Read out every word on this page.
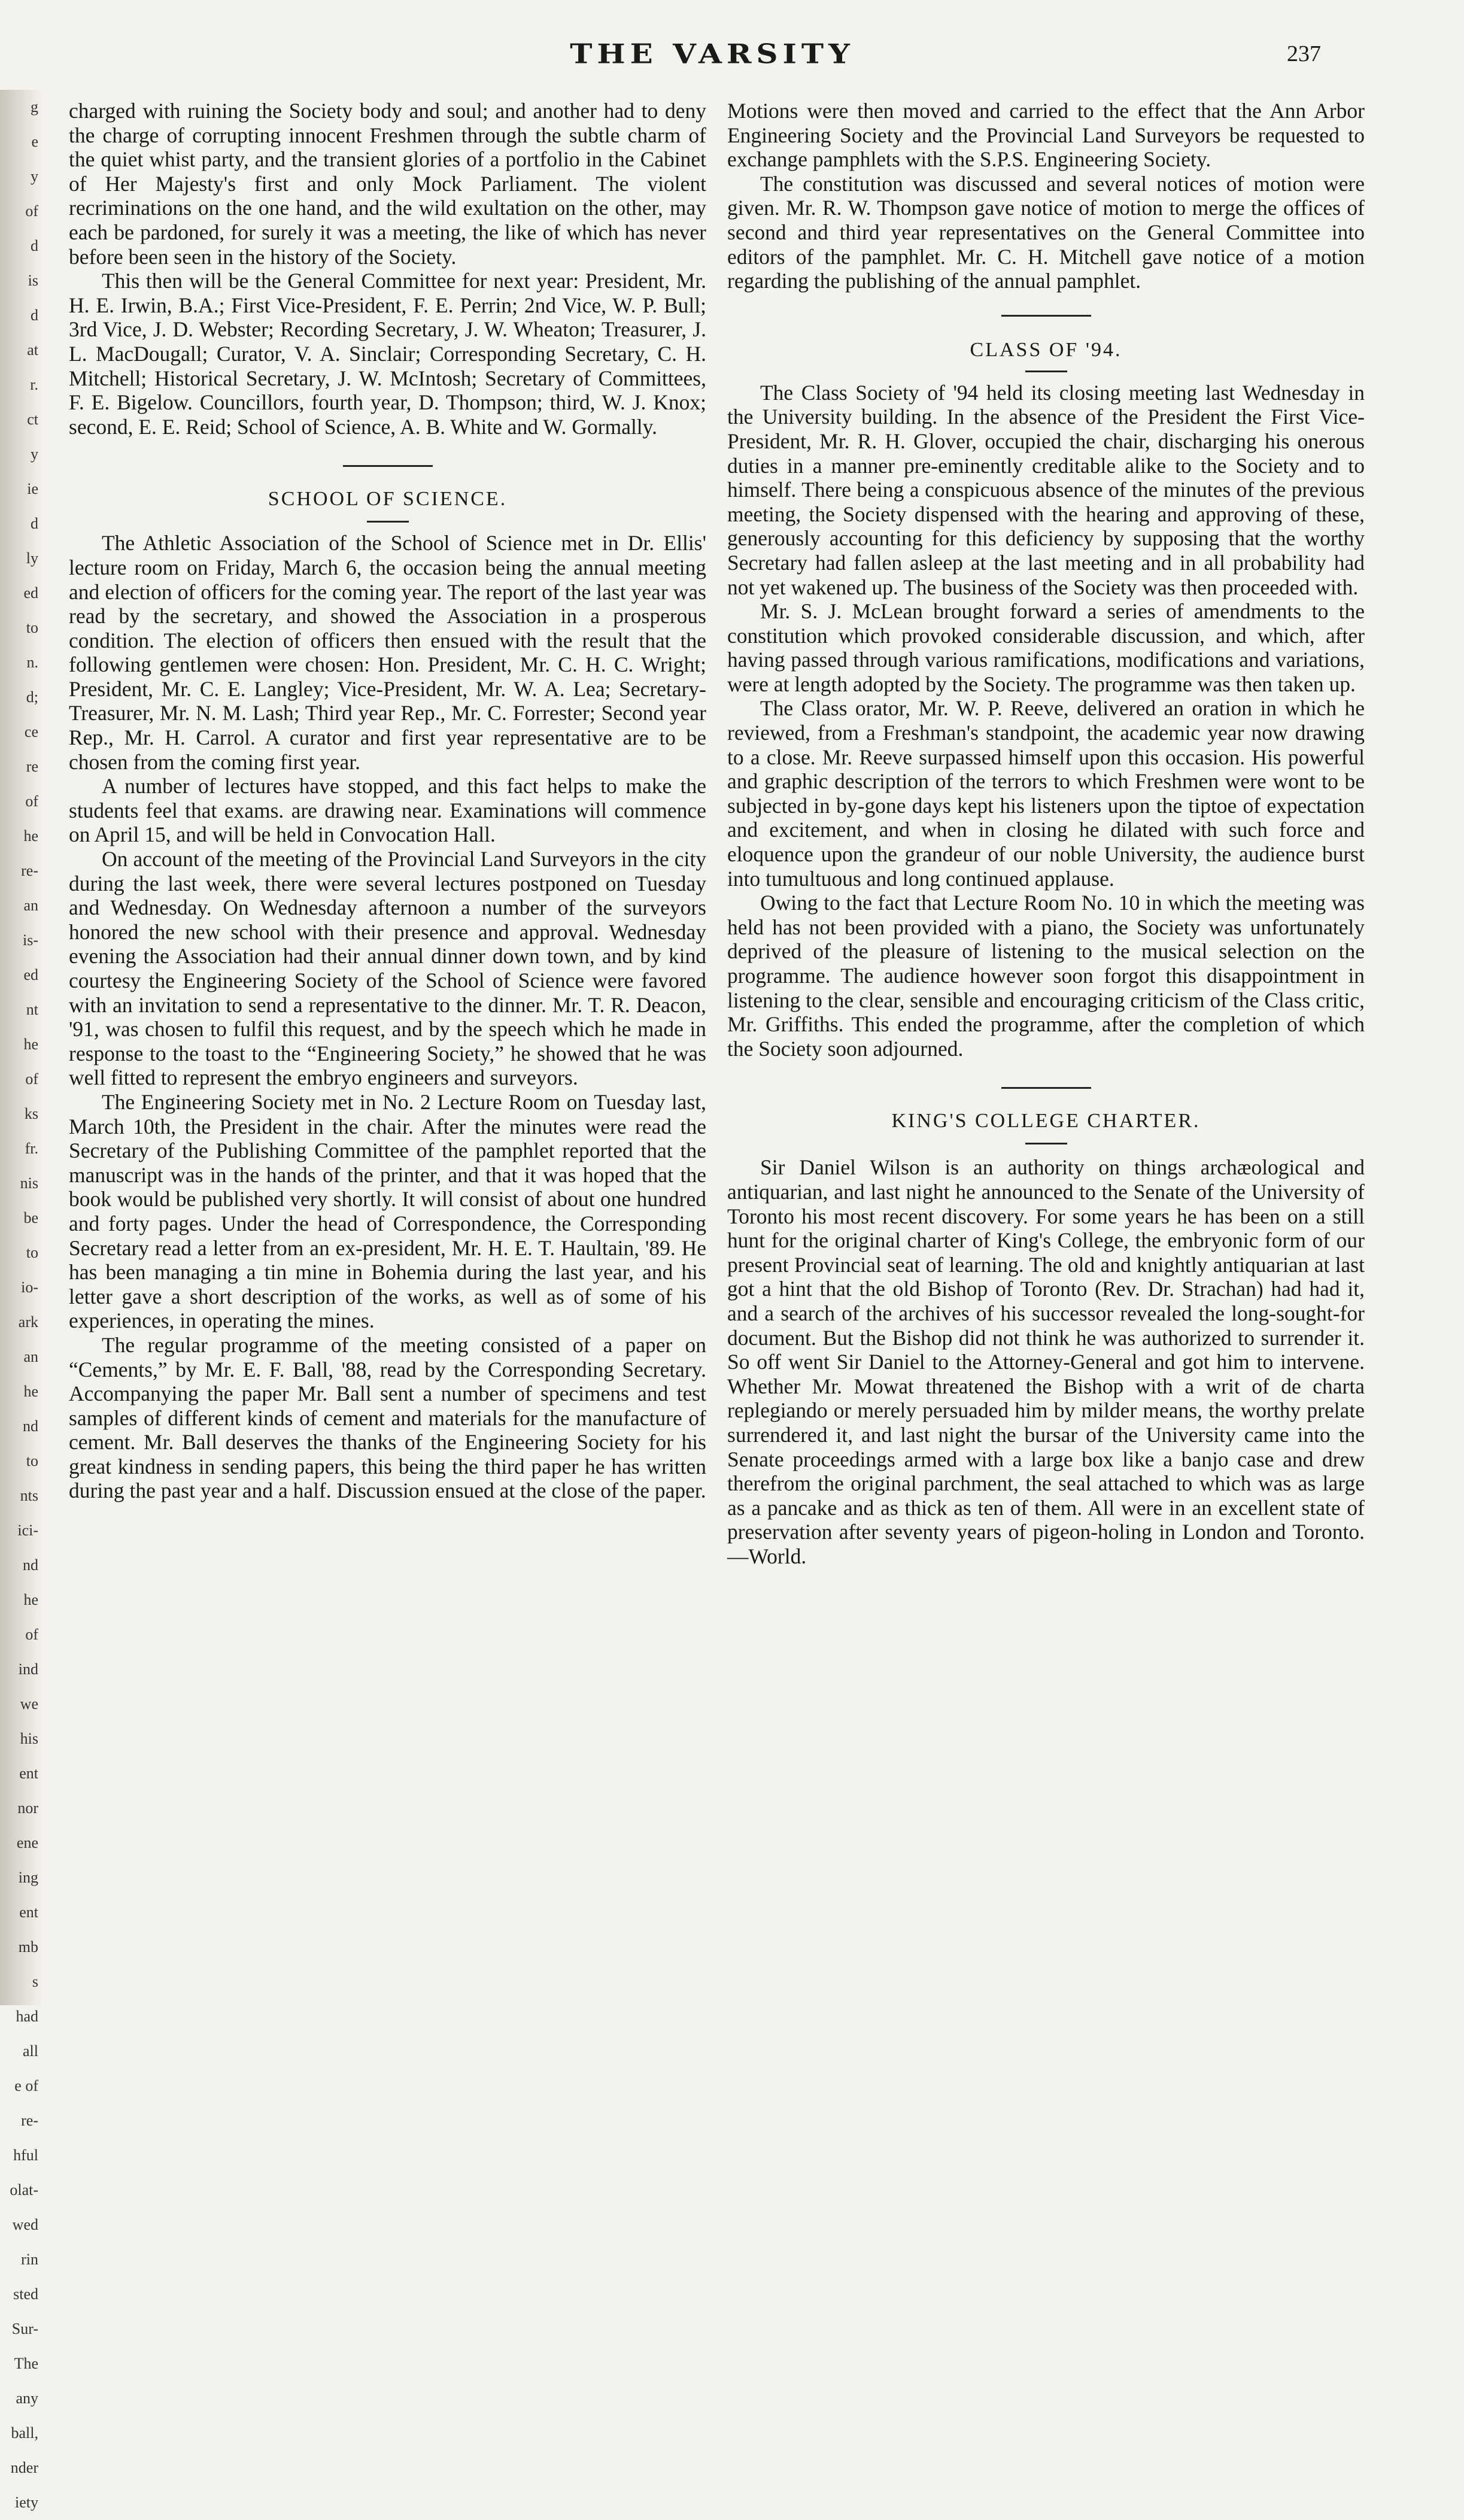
THE VARSITY	237
g
e
y
of
d
is
d
at
r.
ct
y
ie
d
ly
ed
to
n.
d;
ce
re
of
he
re-
an
is-
ed
nt
he
of
ks
fr.
nis
be
to
io-
ark
an
he
nd
to
nts
ici-
nd
he
of
ind
we
his
ent
nor
ene
ing
ent
mb
s
had
all
e of
re-
hful
olat-
wed
rin
sted
Sur-
The
any
ball,
nder
iety

charged with ruining the Society body and soul; and another had to deny the charge of corrupting innocent Freshmen through the subtle charm of the quiet whist party, and the transient glories of a portfolio in the Cabinet of Her Majesty's first and only Mock Parliament. The violent recriminations on the one hand, and the wild exultation on the other, may each be pardoned, for surely it was a meeting, the like of which has never before been seen in the history of the Society.

This then will be the General Committee for next year: President, Mr. H. E. Irwin, B.A.; First Vice-President, F. E. Perrin; 2nd Vice, W. P. Bull; 3rd Vice, J. D. Webster; Recording Secretary, J. W. Wheaton; Treasurer, J. L. MacDougall; Curator, V. A. Sinclair; Corresponding Secretary, C. H. Mitchell; Historical Secretary, J. W. McIntosh; Secretary of Committees, F. E. Bigelow. Councillors, fourth year, D. Thompson; third, W. J. Knox; second, E. E. Reid; School of Science, A. B. White and W. Gormally.

SCHOOL OF SCIENCE.

The Athletic Association of the School of Science met in Dr. Ellis' lecture room on Friday, March 6, the occasion being the annual meeting and election of officers for the coming year. The report of the last year was read by the secretary, and showed the Association in a prosperous condition. The election of officers then ensued with the result that the following gentlemen were chosen: Hon. President, Mr. C. H. C. Wright; President, Mr. C. E. Langley; Vice-President, Mr. W. A. Lea; Secretary-Treasurer, Mr. N. M. Lash; Third year Rep., Mr. C. Forrester; Second year Rep., Mr. H. Carrol. A curator and first year representative are to be chosen from the coming first year.

A number of lectures have stopped, and this fact helps to make the students feel that exams. are drawing near. Examinations will commence on April 15, and will be held in Convocation Hall.

On account of the meeting of the Provincial Land Surveyors in the city during the last week, there were several lectures postponed on Tuesday and Wednesday. On Wednesday afternoon a number of the surveyors honored the new school with their presence and approval. Wednesday evening the Association had their annual dinner down town, and by kind courtesy the Engineering Society of the School of Science were favored with an invitation to send a representative to the dinner. Mr. T. R. Deacon, '91, was chosen to fulfil this request, and by the speech which he made in response to the toast to the “Engineering Society,” he showed that he was well fitted to represent the embryo engineers and surveyors.

The Engineering Society met in No. 2 Lecture Room on Tuesday last, March 10th, the President in the chair. After the minutes were read the Secretary of the Publishing Committee of the pamphlet reported that the manuscript was in the hands of the printer, and that it was hoped that the book would be published very shortly. It will consist of about one hundred and forty pages. Under the head of Correspondence, the Corresponding Secretary read a letter from an ex-president, Mr. H. E. T. Haultain, '89. He has been managing a tin mine in Bohemia during the last year, and his letter gave a short description of the works, as well as of some of his experiences, in operating the mines.

The regular programme of the meeting consisted of a paper on “Cements,” by Mr. E. F. Ball, '88, read by the Corresponding Secretary. Accompanying the paper Mr. Ball sent a number of specimens and test samples of different kinds of cement and materials for the manufacture of cement. Mr. Ball deserves the thanks of the Engineering Society for his great kindness in sending papers, this being the third paper he has written during the past year and a half. Discussion ensued at the close of the paper.

Motions were then moved and carried to the effect that the Ann Arbor Engineering Society and the Provincial Land Surveyors be requested to exchange pamphlets with the S.P.S. Engineering Society.

The constitution was discussed and several notices of motion were given. Mr. R. W. Thompson gave notice of motion to merge the offices of second and third year representatives on the General Committee into editors of the pamphlet. Mr. C. H. Mitchell gave notice of a motion regarding the publishing of the annual pamphlet.

CLASS OF '94.

The Class Society of '94 held its closing meeting last Wednesday in the University building. In the absence of the President the First Vice-President, Mr. R. H. Glover, occupied the chair, discharging his onerous duties in a manner pre-eminently creditable alike to the Society and to himself. There being a conspicuous absence of the minutes of the previous meeting, the Society dispensed with the hearing and approving of these, generously accounting for this deficiency by supposing that the worthy Secretary had fallen asleep at the last meeting and in all probability had not yet wakened up. The business of the Society was then proceeded with.

Mr. S. J. McLean brought forward a series of amendments to the constitution which provoked considerable discussion, and which, after having passed through various ramifications, modifications and variations, were at length adopted by the Society. The programme was then taken up.

The Class orator, Mr. W. P. Reeve, delivered an oration in which he reviewed, from a Freshman's standpoint, the academic year now drawing to a close. Mr. Reeve surpassed himself upon this occasion. His powerful and graphic description of the terrors to which Freshmen were wont to be subjected in by-gone days kept his listeners upon the tiptoe of expectation and excitement, and when in closing he dilated with such force and eloquence upon the grandeur of our noble University, the audience burst into tumultuous and long continued applause.

Owing to the fact that Lecture Room No. 10 in which the meeting was held has not been provided with a piano, the Society was unfortunately deprived of the pleasure of listening to the musical selection on the programme. The audience however soon forgot this disappointment in listening to the clear, sensible and encouraging criticism of the Class critic, Mr. Griffiths. This ended the programme, after the completion of which the Society soon adjourned.

KING'S COLLEGE CHARTER.

Sir Daniel Wilson is an authority on things archæological and antiquarian, and last night he announced to the Senate of the University of Toronto his most recent discovery. For some years he has been on a still hunt for the original charter of King's College, the embryonic form of our present Provincial seat of learning. The old and knightly antiquarian at last got a hint that the old Bishop of Toronto (Rev. Dr. Strachan) had had it, and a search of the archives of his successor revealed the long-sought-for document. But the Bishop did not think he was authorized to surrender it. So off went Sir Daniel to the Attorney-General and got him to intervene. Whether Mr. Mowat threatened the Bishop with a writ of de charta replegiando or merely persuaded him by milder means, the worthy prelate surrendered it, and last night the bursar of the University came into the Senate proceedings armed with a large box like a banjo case and drew therefrom the original parchment, the seal attached to which was as large as a pancake and as thick as ten of them. All were in an excellent state of preservation after seventy years of pigeon-holing in London and Toronto.—World.
